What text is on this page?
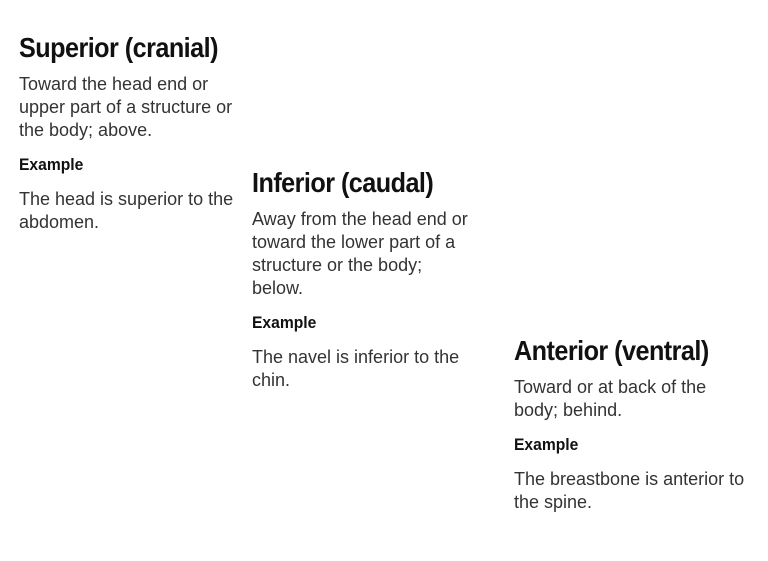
Superior (cranial)

Toward the head end or upper part of a structure or the body; above.

Example

The head is superior to the abdomen.

Inferior (caudal)

Away from the head end or toward the lower part of a structure or the body; below.

Example

The navel is inferior to the chin.

Anterior (ventral)

Toward or at back of the body; behind.

Example

The breastbone is anterior to the spine.
